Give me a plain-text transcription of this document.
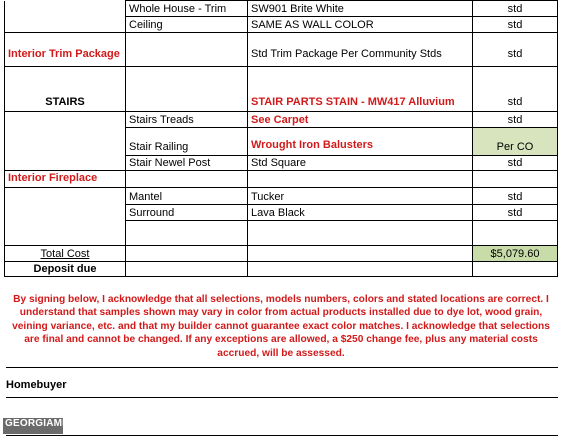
	Whole House - Trim	SW901 Brite White	std
	Ceiling	SAME AS WALL COLOR	std
Interior Trim Package		Std Trim Package Per Community Stds	std
STAIRS		STAIR PARTS STAIN - MW417 Alluvium	std
	Stairs Treads	See Carpet	std
	Stair Railing	Wrought Iron Balusters	Per CO
	Stair Newel Post	Std Square	std
Interior Fireplace			
	Mantel	Tucker	std
	Surround	Lava Black	std

Total Cost			$5,079.60
Deposit due			
By signing below, I acknowledge that all selections, models numbers, colors and stated locations are correct. I understand that samples shown may vary in color from actual products installed due to dye lot, wood grain, veining variance, etc. and that my builder cannot guarantee exact color matches. I acknowledge that selections are final and cannot be changed. If any exceptions are allowed, a $250 change fee, plus any material costs accrued, will be assessed.
Homebuyer
GEORGIAMLS
